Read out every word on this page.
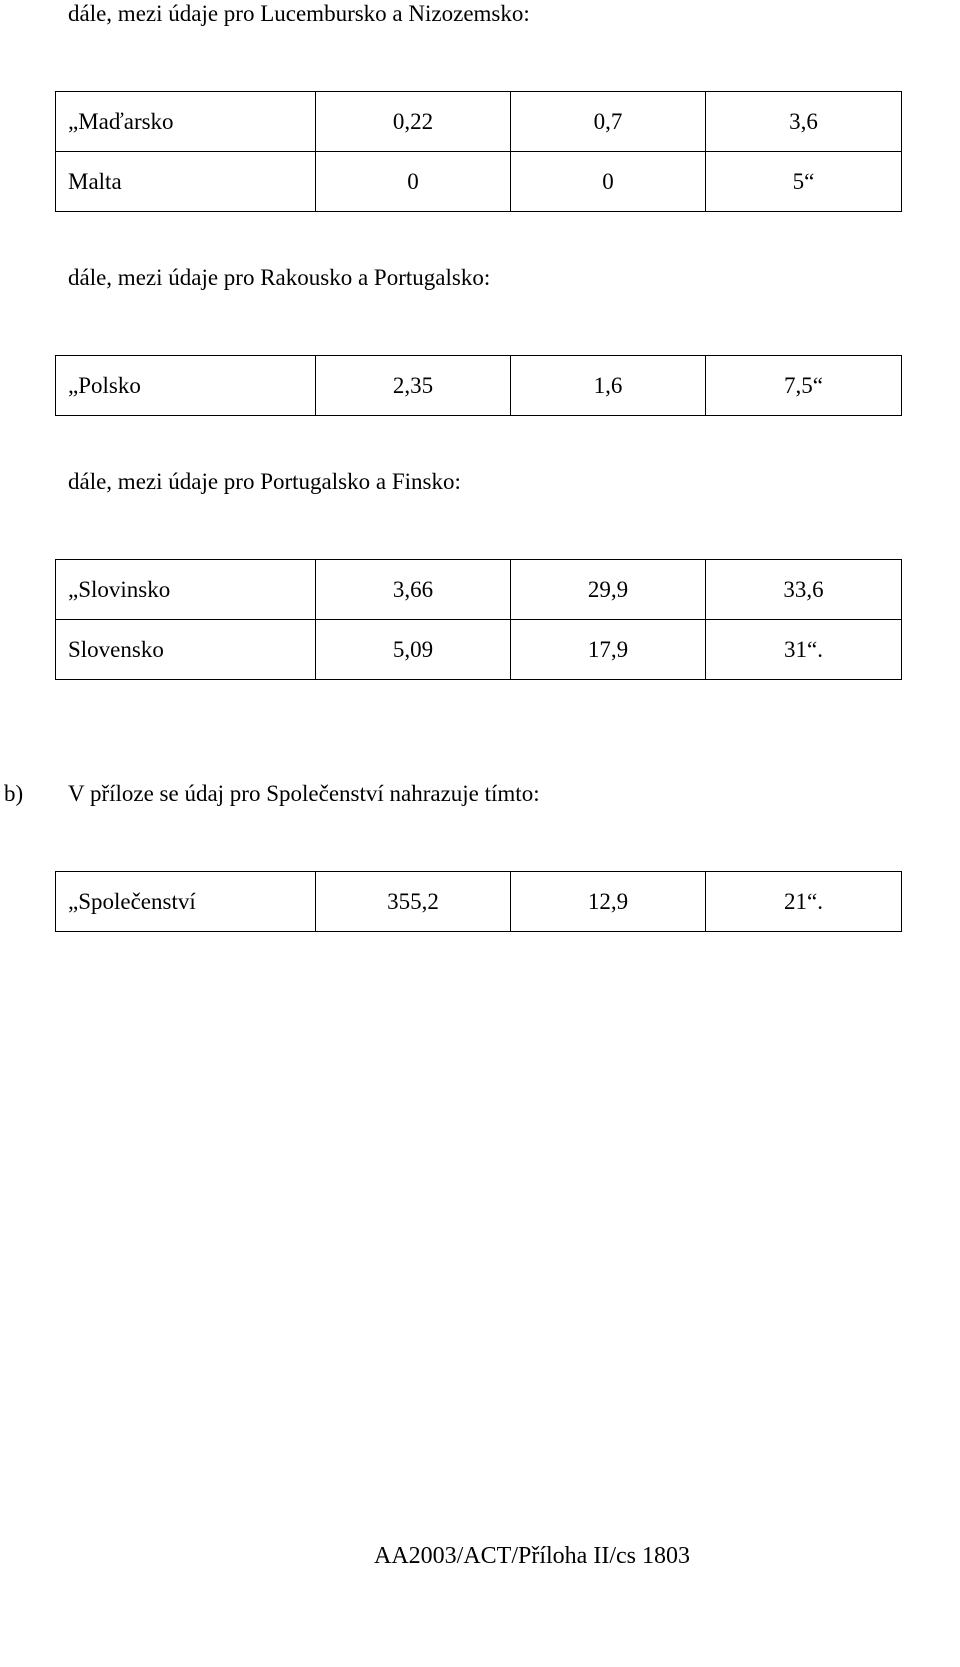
dále, mezi údaje pro Lucembursko a Nizozemsko:

„Maďarsko	0,22	0,7	3,6
Malta	0	0	5“

dále, mezi údaje pro Rakousko a Portugalsko:

„Polsko	2,35	1,6	7,5“

dále, mezi údaje pro Portugalsko a Finsko:

„Slovinsko	3,66	29,9	33,6
Slovensko	5,09	17,9	31“.

b) V příloze se údaj pro Společenství nahrazuje tímto:

„Společenství	355,2	12,9	21“.
AA2003/ACT/Příloha II/cs 1803
